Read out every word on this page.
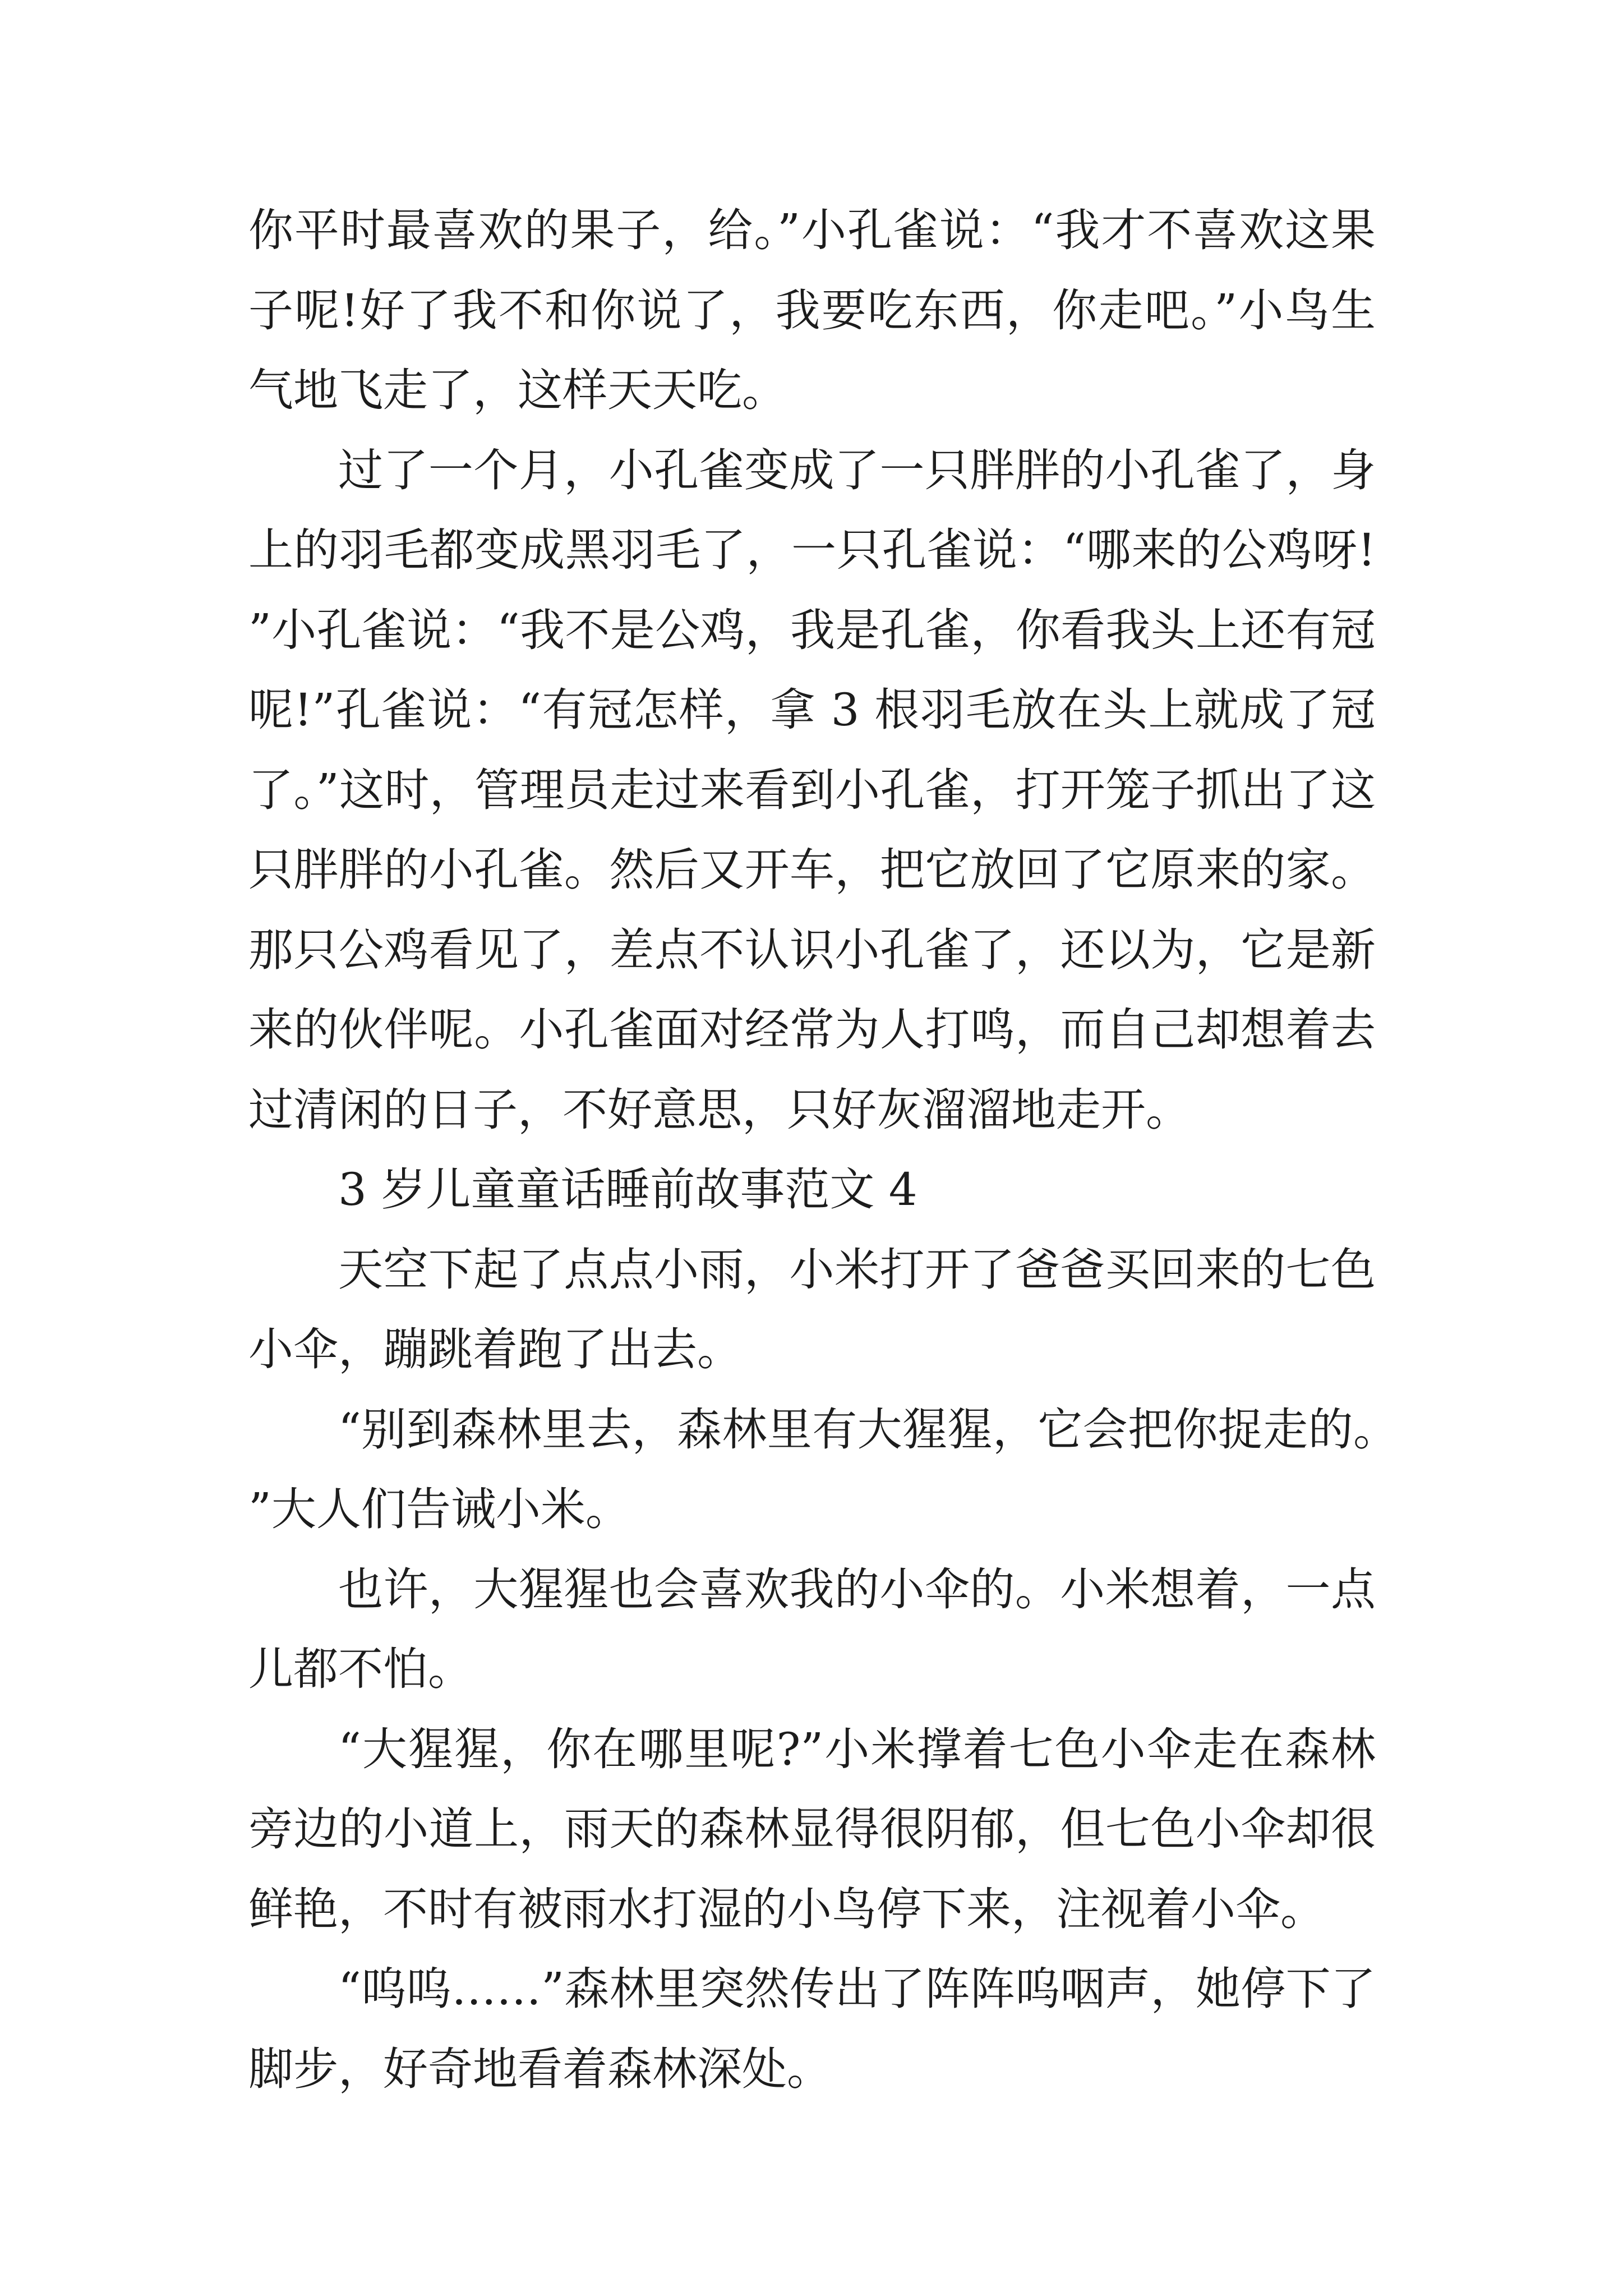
你平时最喜欢的果子，给。”小孔雀说：“我才不喜欢这果子呢!好了我不和你说了，我要吃东西，你走吧。”小鸟生气地飞走了，这样天天吃。

过了一个月，小孔雀变成了一只胖胖的小孔雀了，身上的羽毛都变成黑羽毛了，一只孔雀说：“哪来的公鸡呀!”小孔雀说：“我不是公鸡，我是孔雀，你看我头上还有冠呢!”孔雀说：“有冠怎样，拿 3 根羽毛放在头上就成了冠了。”这时，管理员走过来看到小孔雀，打开笼子抓出了这只胖胖的小孔雀。然后又开车，把它放回了它原来的家。那只公鸡看见了，差点不认识小孔雀了，还以为，它是新来的伙伴呢。小孔雀面对经常为人打鸣，而自己却想着去过清闲的日子，不好意思，只好灰溜溜地走开。

3 岁儿童童话睡前故事范文 4

天空下起了点点小雨，小米打开了爸爸买回来的七色小伞，蹦跳着跑了出去。

“别到森林里去，森林里有大猩猩，它会把你捉走的。”大人们告诫小米。

也许，大猩猩也会喜欢我的小伞的。小米想着，一点儿都不怕。

“大猩猩，你在哪里呢?”小米撑着七色小伞走在森林旁边的小道上，雨天的森林显得很阴郁，但七色小伞却很鲜艳，不时有被雨水打湿的小鸟停下来，注视着小伞。

“呜呜……”森林里突然传出了阵阵呜咽声，她停下了脚步，好奇地看着森林深处。
